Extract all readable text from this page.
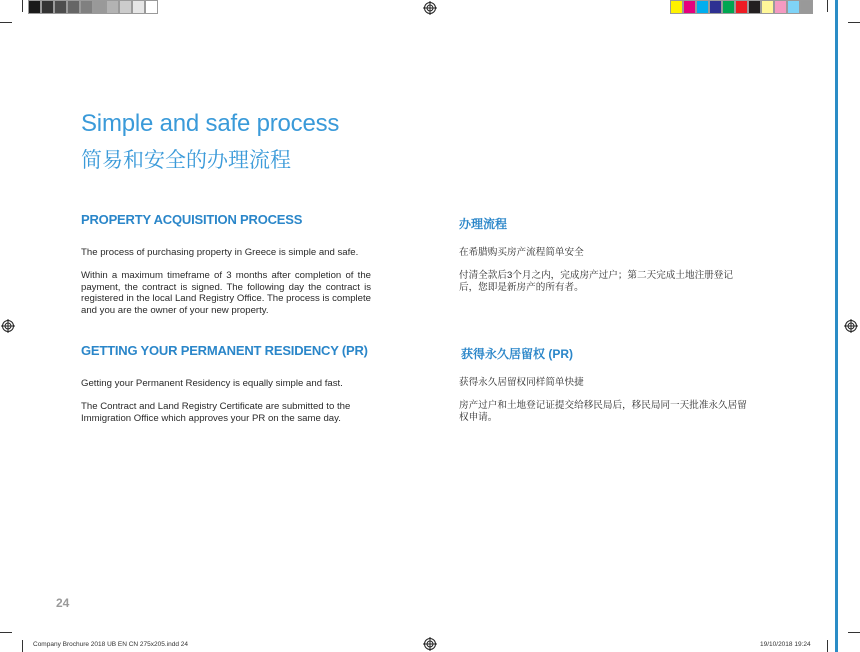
Simple and safe process
简易和安全的办理流程
PROPERTY ACQUISITION PROCESS

The process of purchasing property in Greece is simple and safe.

Within a maximum timeframe of 3 months after completion of the payment, the contract is signed. The following day the contract is registered in the local Land Registry Office. The process is complete and you are the owner of your new property.

GETTING YOUR PERMANENT RESIDENCY (PR)

Getting your Permanent Residency is equally simple and fast.

The Contract and Land Registry Certificate are submitted to the Immigration Office which approves your PR on the same day.

办理流程

在希腊购买房产流程简单安全

付清全款后3个月之内，完成房产过户；第二天完成土地注册登记后，您即是新房产的所有者。

获得永久居留权 (PR)

获得永久居留权同样简单快捷

房产过户和土地登记证提交给移民局后，移民局同一天批准永久居留权申请。

24
Company Brochure 2018 UB EN CN 275x205.indd 24	19/10/2018 19:24
